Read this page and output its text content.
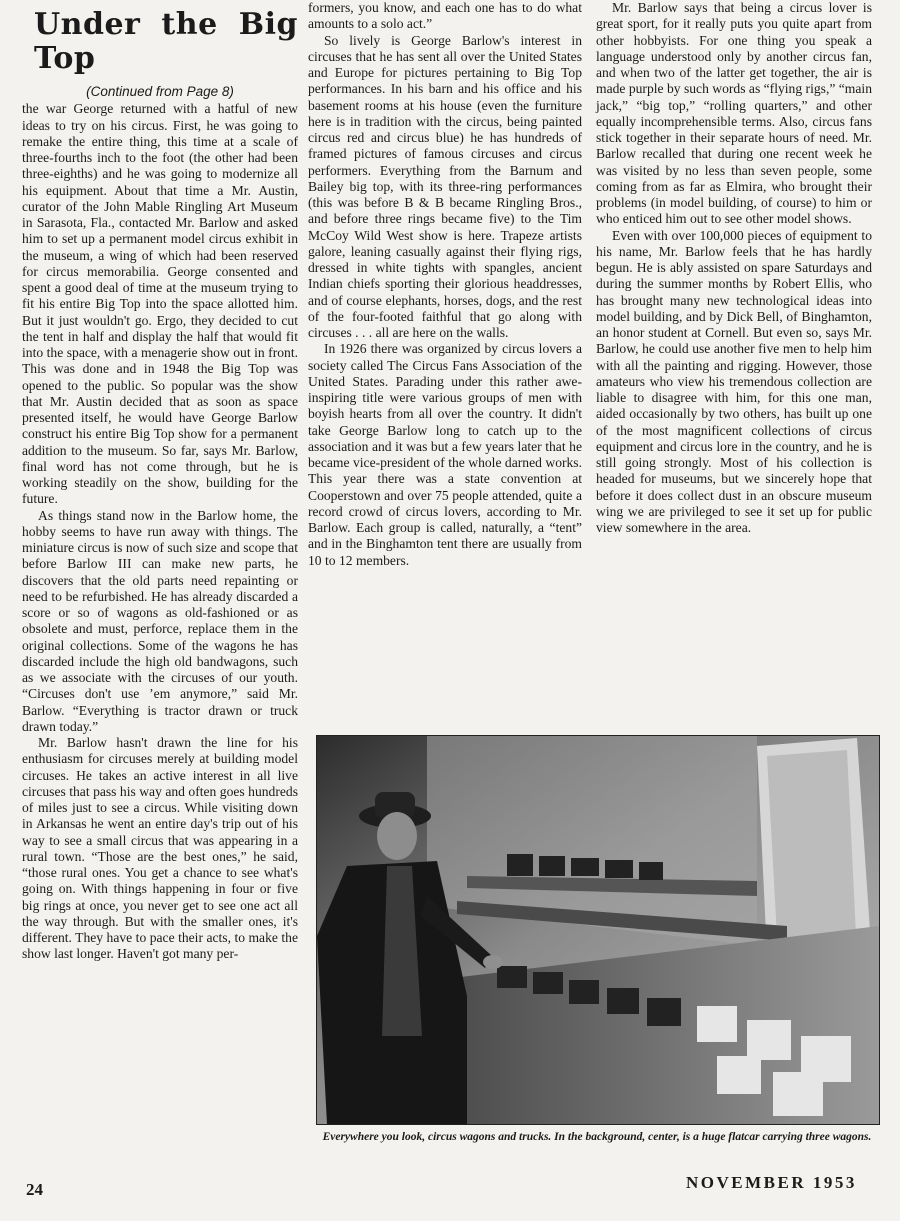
Under the Big Top
(Continued from Page 8)

the war George returned with a hatful of new ideas to try on his circus. First, he was going to remake the entire thing, this time at a scale of three-fourths inch to the foot (the other had been three-eighths) and he was going to modernize all his equipment. About that time a Mr. Austin, curator of the John Mable Ringling Art Museum in Sarasota, Fla., contacted Mr. Barlow and asked him to set up a permanent model circus exhibit in the museum, a wing of which had been reserved for circus memorabilia. George consented and spent a good deal of time at the museum trying to fit his entire Big Top into the space allotted him. But it just wouldn't go. Ergo, they decided to cut the tent in half and display the half that would fit into the space, with a menagerie show out in front. This was done and in 1948 the Big Top was opened to the public. So popular was the show that Mr. Austin decided that as soon as space presented itself, he would have George Barlow construct his entire Big Top show for a permanent addition to the museum. So far, says Mr. Barlow, final word has not come through, but he is working steadily on the show, building for the future.

As things stand now in the Barlow home, the hobby seems to have run away with things. The miniature circus is now of such size and scope that before Barlow III can make new parts, he discovers that the old parts need repainting or need to be refurbished. He has already discarded a score or so of wagons as old-fashioned or as obsolete and must, perforce, replace them in the original collections. Some of the wagons he has discarded include the high old bandwagons, such as we associate with the circuses of our youth. “Circuses don't use ’em anymore,” said Mr. Barlow. “Everything is tractor drawn or truck drawn today.”

Mr. Barlow hasn't drawn the line for his enthusiasm for circuses merely at building model circuses. He takes an active interest in all live circuses that pass his way and often goes hundreds of miles just to see a circus. While visiting down in Arkansas he went an entire day's trip out of his way to see a small circus that was appearing in a rural town. “Those are the best ones,” he said, “those rural ones. You get a chance to see what's going on. With things happening in four or five big rings at once, you never get to see one act all the way through. But with the smaller ones, it's different. They have to pace their acts, to make the show last longer. Haven't got many per-

formers, you know, and each one has to do what amounts to a solo act.”

So lively is George Barlow's interest in circuses that he has sent all over the United States and Europe for pictures pertaining to Big Top performances. In his barn and his office and his basement rooms at his house (even the furniture here is in tradition with the circus, being painted circus red and circus blue) he has hundreds of framed pictures of famous circuses and circus performers. Everything from the Barnum and Bailey big top, with its three-ring performances (this was before B & B became Ringling Bros., and before three rings became five) to the Tim McCoy Wild West show is here. Trapeze artists galore, leaning casually against their flying rigs, dressed in white tights with spangles, ancient Indian chiefs sporting their glorious headdresses, and of course elephants, horses, dogs, and the rest of the four-footed faithful that go along with circuses . . . all are here on the walls.

In 1926 there was organized by circus lovers a society called The Circus Fans Association of the United States. Parading under this rather awe-inspiring title were various groups of men with boyish hearts from all over the country. It didn't take George Barlow long to catch up to the association and it was but a few years later that he became vice-president of the whole darned works. This year there was a state convention at Cooperstown and over 75 people attended, quite a record crowd of circus lovers, according to Mr. Barlow. Each group is called, naturally, a “tent” and in the Binghamton tent there are usually from 10 to 12 members.

Mr. Barlow says that being a circus lover is great sport, for it really puts you quite apart from other hobbyists. For one thing you speak a language understood only by another circus fan, and when two of the latter get together, the air is made purple by such words as “flying rigs,” “main jack,” “big top,” “rolling quarters,” and other equally incomprehensible terms. Also, circus fans stick together in their separate hours of need. Mr. Barlow recalled that during one recent week he was visited by no less than seven people, some coming from as far as Elmira, who brought their problems (in model building, of course) to him or who enticed him out to see other model shows.

Even with over 100,000 pieces of equipment to his name, Mr. Barlow feels that he has hardly begun. He is ably assisted on spare Saturdays and during the summer months by Robert Ellis, who has brought many new technological ideas into model building, and by Dick Bell, of Binghamton, an honor student at Cornell. But even so, says Mr. Barlow, he could use another five men to help him with all the painting and rigging. However, those amateurs who view his tremendous collection are liable to disagree with him, for this one man, aided occasionally by two others, has built up one of the most magnificent collections of circus equipment and circus lore in the country, and he is still going strongly. Most of his collection is headed for museums, but we sincerely hope that before it does collect dust in an obscure museum wing we are privileged to see it set up for public view somewhere in the area.

Everywhere you look, circus wagons and trucks. In the background, center, is a huge flatcar carrying three wagons.
24	NOVEMBER 1953
